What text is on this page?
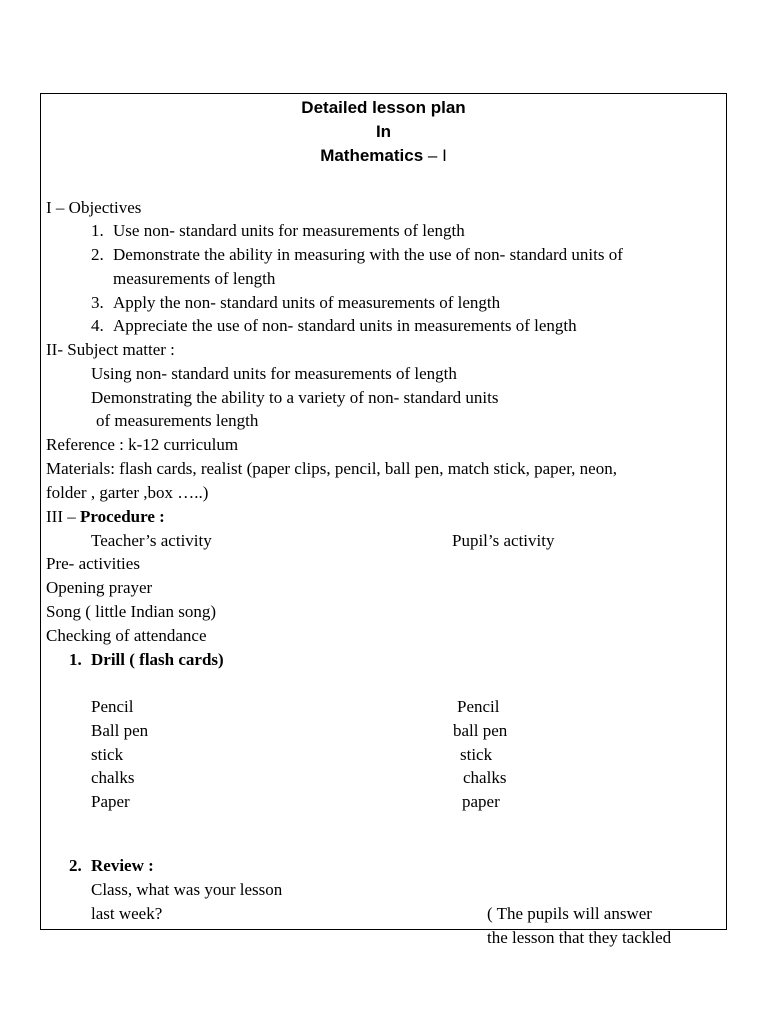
Detailed lesson plan
In
Mathematics – I
I – Objectives
1. Use non- standard units for measurements of length
2. Demonstrate the ability in measuring with the use of non- standard units of
measurements of length
3. Apply the non- standard units of measurements of length
4. Appreciate the use of non- standard units in measurements of length
II- Subject matter :
Using non- standard units for measurements of length
Demonstrating the ability to a variety of non- standard units
of measurements length
Reference : k-12 curriculum
Materials: flash cards, realist (paper clips, pencil, ball pen, match stick, paper, neon,
folder , garter ,box …..)
III – Procedure :
Teacher’s activity	Pupil’s activity
Pre- activities
Opening prayer
Song ( little Indian song)
Checking of attendance
1. Drill ( flash cards)
Pencil
Ball pen
stick
chalks
Paper
Pencil
ball pen
stick
chalks
paper
2. Review :
Class, what was your lesson
last week?	( The pupils will answer
the lesson that they tackled
